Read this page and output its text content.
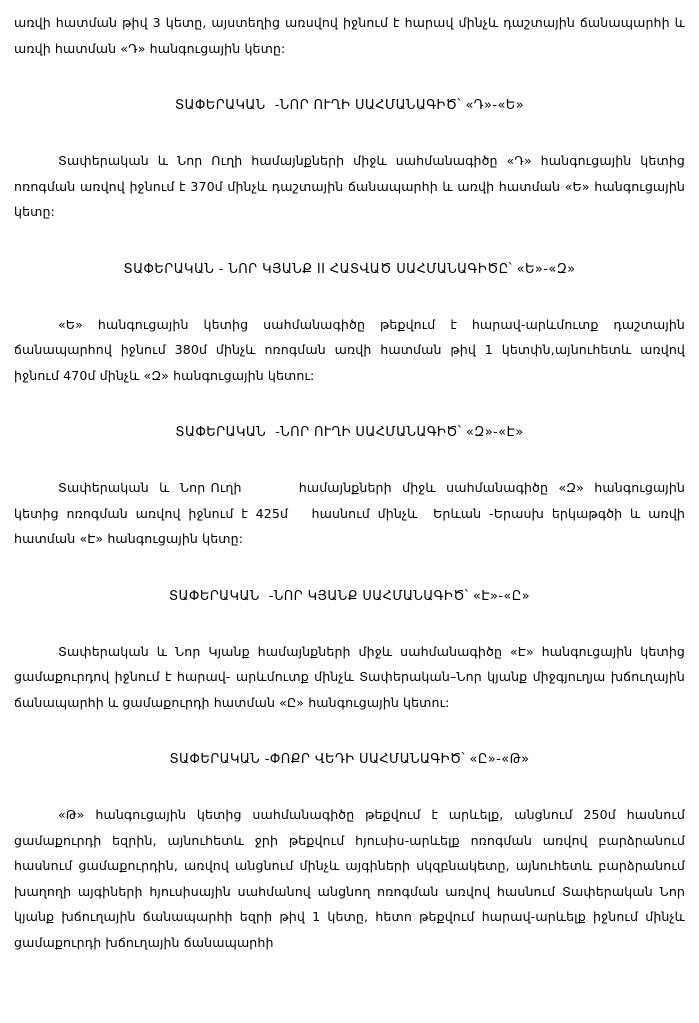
առվի հատման թիվ 3 կետը, այստեղից առսվով իջնում է հարավ մինչև դաշտային ճանապարհի և առվի հատման «Դ» հանգուցային կետը:

ՏԱՓԵՐԱԿԱՆ  -ՆՈՐ ՈՒՂԻ ՍԱՀՄԱՆԱԳԻԾ՝ «Դ»-«Ե»

Տափերական և Նոր Ուղի համայնքների միջև սահմանագիծը «Դ» հանգուցային կետից ոռոգման առվով իջնում է 370մ մինչև դաշտային ճանապարհի և առվի հատման «Ե» հանգուցային կետը:

ՏԱՓԵՐԱԿԱՆ - ՆՈՐ ԿՅԱՆՔ II ՀԱՏՎԱԾ ՍԱՀՄԱՆԱԳԻԾԸ՝ «Ե»-«Զ»

«Ե» հանգուցային կետից սահմանագիծը թեքվում է հարավ-արևմուտք դաշտային ճանապարհով իջնում 380մ մինչև ոռոգման առվի հատման թիվ 1 կետփն,այնուհետև առվով իջնում 470մ մինչև «Զ» հանգուցային կետու:

ՏԱՓԵՐԱԿԱՆ  -ՆՈՐ ՈՒՂԻ ՍԱՀՄԱՆԱԳԻԾ՝ «Զ»-«Է»

Տափերական  և  Նոր Ուղի           համայնքների  միջև  սահմանագիծը  «Զ»  հանգուցային կետից ոռոգման առվով իջնում է 425մ   հասնում մինչև  Երևան -Երասխ երկաթգծի և առվի հատման «Է» հանգուցային կետը:

ՏԱՓԵՐԱԿԱՆ  -ՆՈՐ ԿՅԱՆՔ ՍԱՀՄԱՆԱԳԻԾ՝ «Է»-«Ը»

Տափերական և Նոր Կյանք համայնքների միջև սահմանագիծը «Է» հանգուցային կետից ցամաքուրդով իջնում է հարավ- արևմուտք մինչև Տափերական–Նոր կյանք միջգյուղյա խճուղային ճանապարհի և ցամաքուրդի հատման «Ը» հանգուցային կետու:

ՏԱՓԵՐԱԿԱՆ -ՓՈՔՐ ՎԵԴԻ ՍԱՀՄԱՆԱԳԻԾ՝ «Ը»-«Թ»

«Թ» հանգուցային կետից սահմանագիծը թեքվում է արևելք, անցնում 250մ հասնում ցամաքուրդի եզրին, այնուհետև ջրի թեքվում հյուսիս-արևելք ոռոգման առվով բարձրանում հասնում ցամաքուրդին, առվով անցնում մինչև այգիների սկզբնակետը, այնուհետև բարձրանում խաղողի այգիների հյուսիսային սահմանով անցնող ոռոգման առվով հասնում Տափերական Նոր կյանք խճուղային ճանապարհի եզրի թիվ 1 կետը, հետո թեքվում հարավ-արևելք իջնում մինչև ցամաքուրդի խճուղային ճանապարհի
